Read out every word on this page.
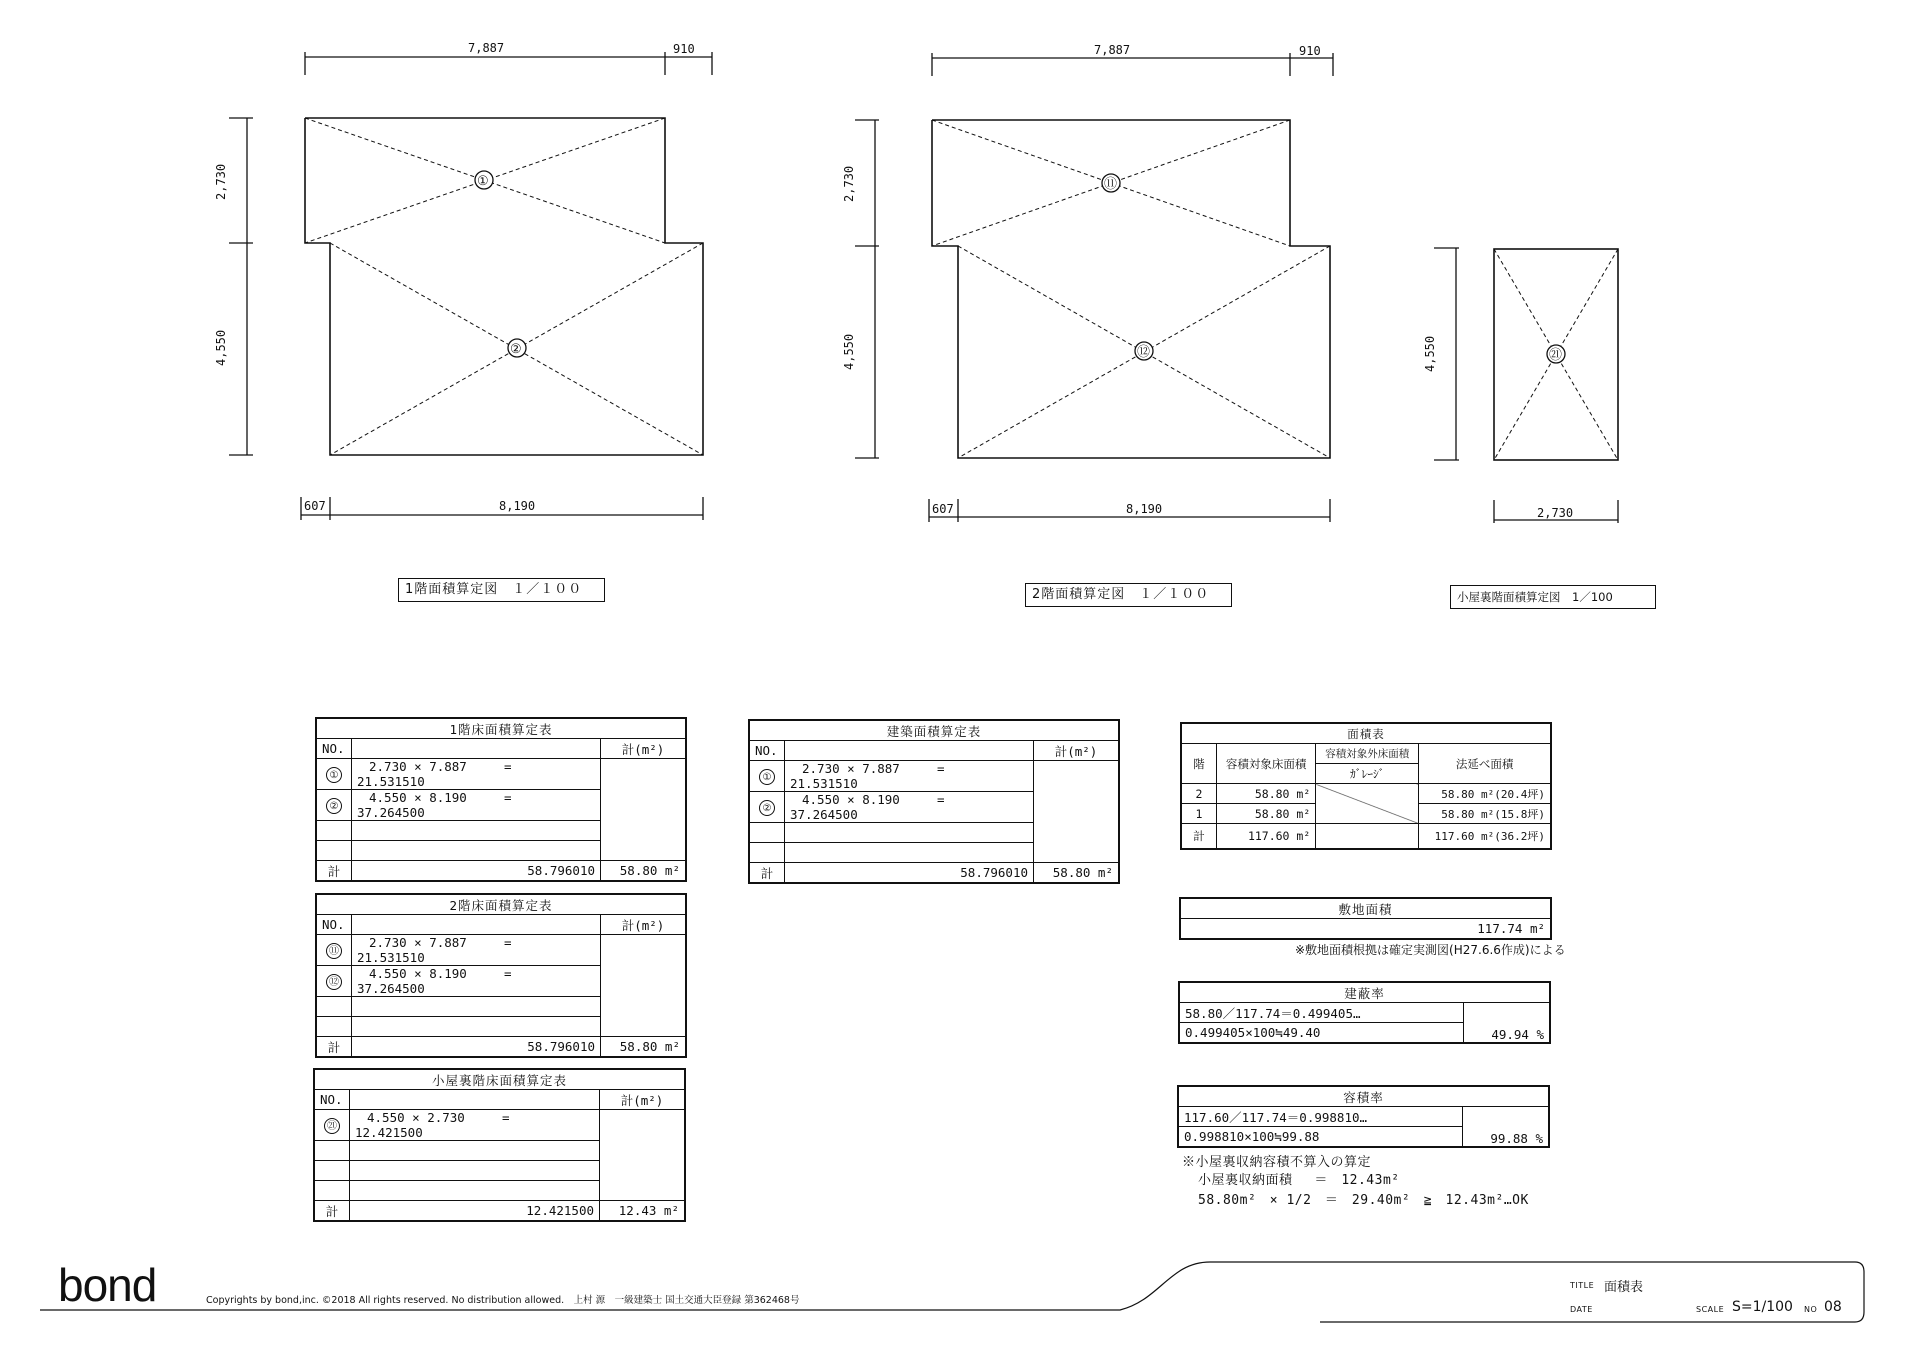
7,887	910
2,730
4,550
607	8,190
①
②
7,887	910
2,730
4,550
607	8,190
⑪
⑫	4,550
2,730
㉑
1階面積算定図　１／１００	2階面積算定図　１／１００	小屋裏階面積算定図　1／100
1階床面積算定表		
NO.		計(m²)
①	2.730 × 7.887 =21.531510	
②	4.550 × 8.190 =37.264500	

計	58.796010	58.80 m²
2階床面積算定表		
NO.		計(m²)
⑪	2.730 × 7.887 =21.531510	
⑫	4.550 × 8.190 =37.264500	

計	58.796010	58.80 m²
小屋裏階床面積算定表		
NO.		計(m²)
㉑	4.550 × 2.730 =12.421500	

計	12.421500	12.43 m²
建築面積算定表		
NO.		計(m²)
①	2.730 × 7.887 =21.531510	
②	4.550 × 8.190 =37.264500	

計	58.796010	58.80 m²
面積表			
階	容積対象床面積	容積対象外床面積	法延べ面積
		ｶﾞﾚｰｼﾞ	
2	58.80 m²		58.80 m²(20.4坪)
1	58.80 m²		58.80 m²(15.8坪)
計	117.60 m²		117.60 m²(36.2坪)
敷地面積
117.74 m²
※敷地面積根拠は確定実測図(H27.6.6作成)による
建蔽率
58.80／117.74＝0.499405…	49.94 %
0.499405×100≒49.40
容積率
117.60／117.74＝0.998810…	99.88 %
0.998810×100≒99.88
※小屋裏収納容積不算入の算定
小屋裏収納面積　 ＝　12.43m²
58.80m²　× 1/2　＝　29.40m²　≧　12.43m²…OK
bond	Copyrights by bond,inc. ©2018 All rights reserved. No distribution allowed.　上村 源　一級建築士 国土交通大臣登録 第362468号
TITLE 面積表
DATE	SCALE S=1/100 NO 08
